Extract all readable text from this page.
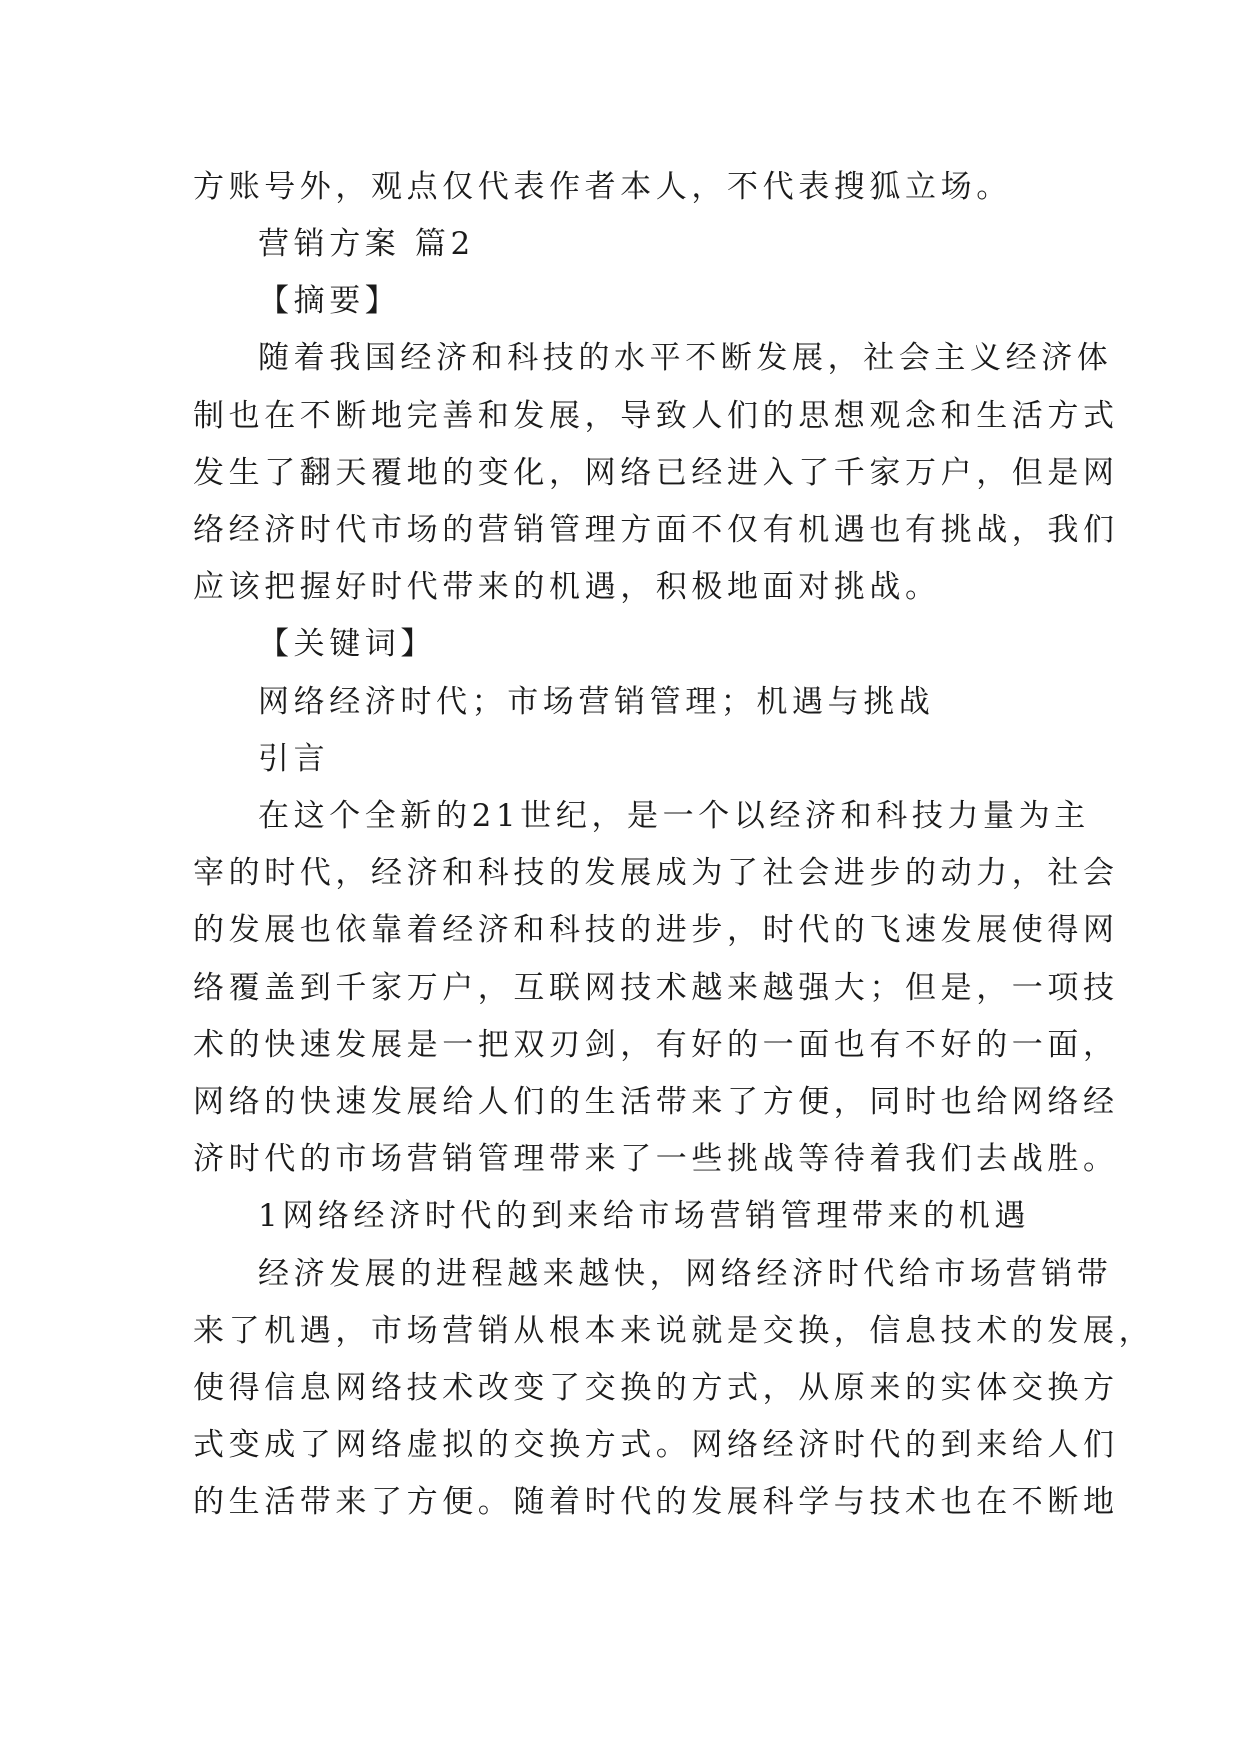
方账号外，观点仅代表作者本人，不代表搜狐立场。
营销方案 篇2
【摘要】
随着我国经济和科技的水平不断发展，社会主义经济体
制也在不断地完善和发展，导致人们的思想观念和生活方式
发生了翻天覆地的变化，网络已经进入了千家万户，但是网
络经济时代市场的营销管理方面不仅有机遇也有挑战，我们
应该把握好时代带来的机遇，积极地面对挑战。
【关键词】
网络经济时代；市场营销管理；机遇与挑战
引言
在这个全新的21世纪，是一个以经济和科技力量为主
宰的时代，经济和科技的发展成为了社会进步的动力，社会
的发展也依靠着经济和科技的进步，时代的飞速发展使得网
络覆盖到千家万户，互联网技术越来越强大；但是，一项技
术的快速发展是一把双刃剑，有好的一面也有不好的一面，
网络的快速发展给人们的生活带来了方便，同时也给网络经
济时代的市场营销管理带来了一些挑战等待着我们去战胜。
1网络经济时代的到来给市场营销管理带来的机遇
经济发展的进程越来越快，网络经济时代给市场营销带
来了机遇，市场营销从根本来说就是交换，信息技术的发展，
使得信息网络技术改变了交换的方式，从原来的实体交换方
式变成了网络虚拟的交换方式。网络经济时代的到来给人们
的生活带来了方便。随着时代的发展科学与技术也在不断地
